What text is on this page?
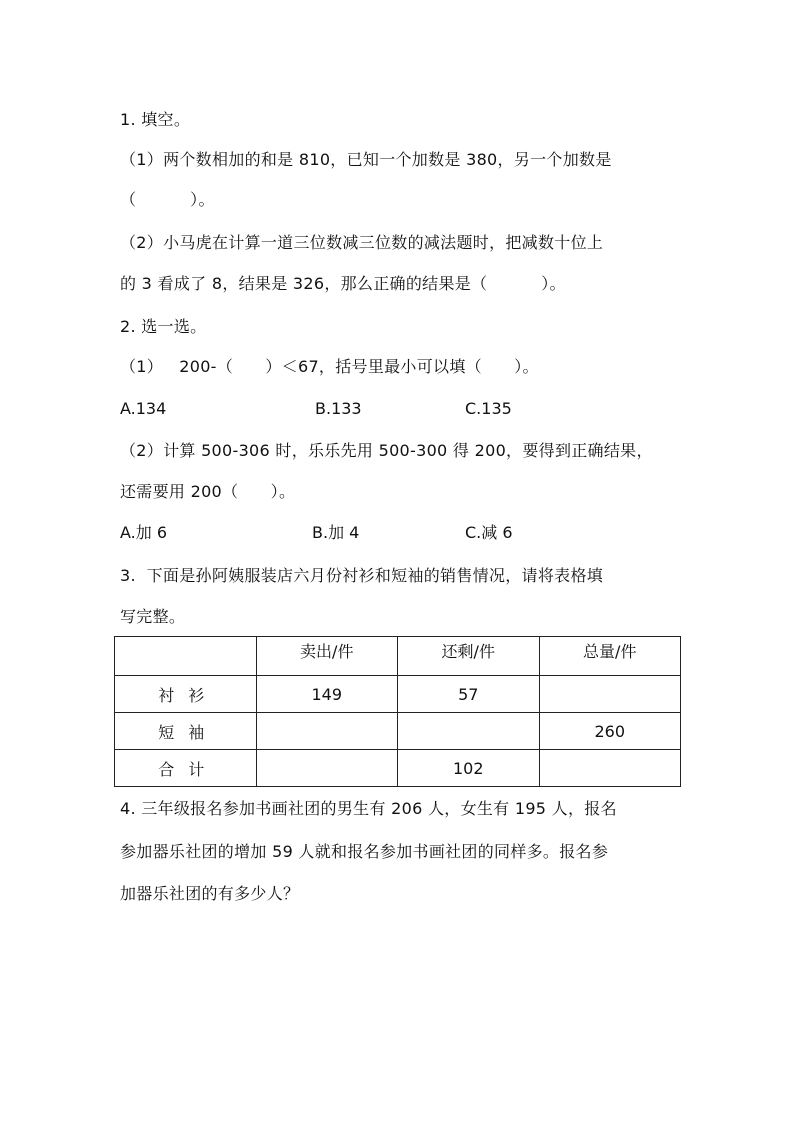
1. 填空。
（1）两个数相加的和是 810，已知一个加数是 380，另一个加数是
（          ）。
（2）小马虎在计算一道三位数减三位数的减法题时，把减数十位上
的 3 看成了 8，结果是 326，那么正确的结果是（          ）。
2. 选一选。
（1）   200-（      ）＜67，括号里最小可以填（      ）。
A.134	B.133	C.135
（2）计算 500-306 时，乐乐先用 500-300 得 200，要得到正确结果，
还需要用 200（      ）。
A.加 6	B.加 4	C.减 6
3.  下面是孙阿姨服装店六月份衬衫和短袖的销售情况，请将表格填
写完整。
	卖出/件	还剩/件	总量/件
衬衫	149	57	
短袖			260
合计		102	
4. 三年级报名参加书画社团的男生有 206 人，女生有 195 人，报名
参加器乐社团的增加 59 人就和报名参加书画社团的同样多。报名参
加器乐社团的有多少人？
